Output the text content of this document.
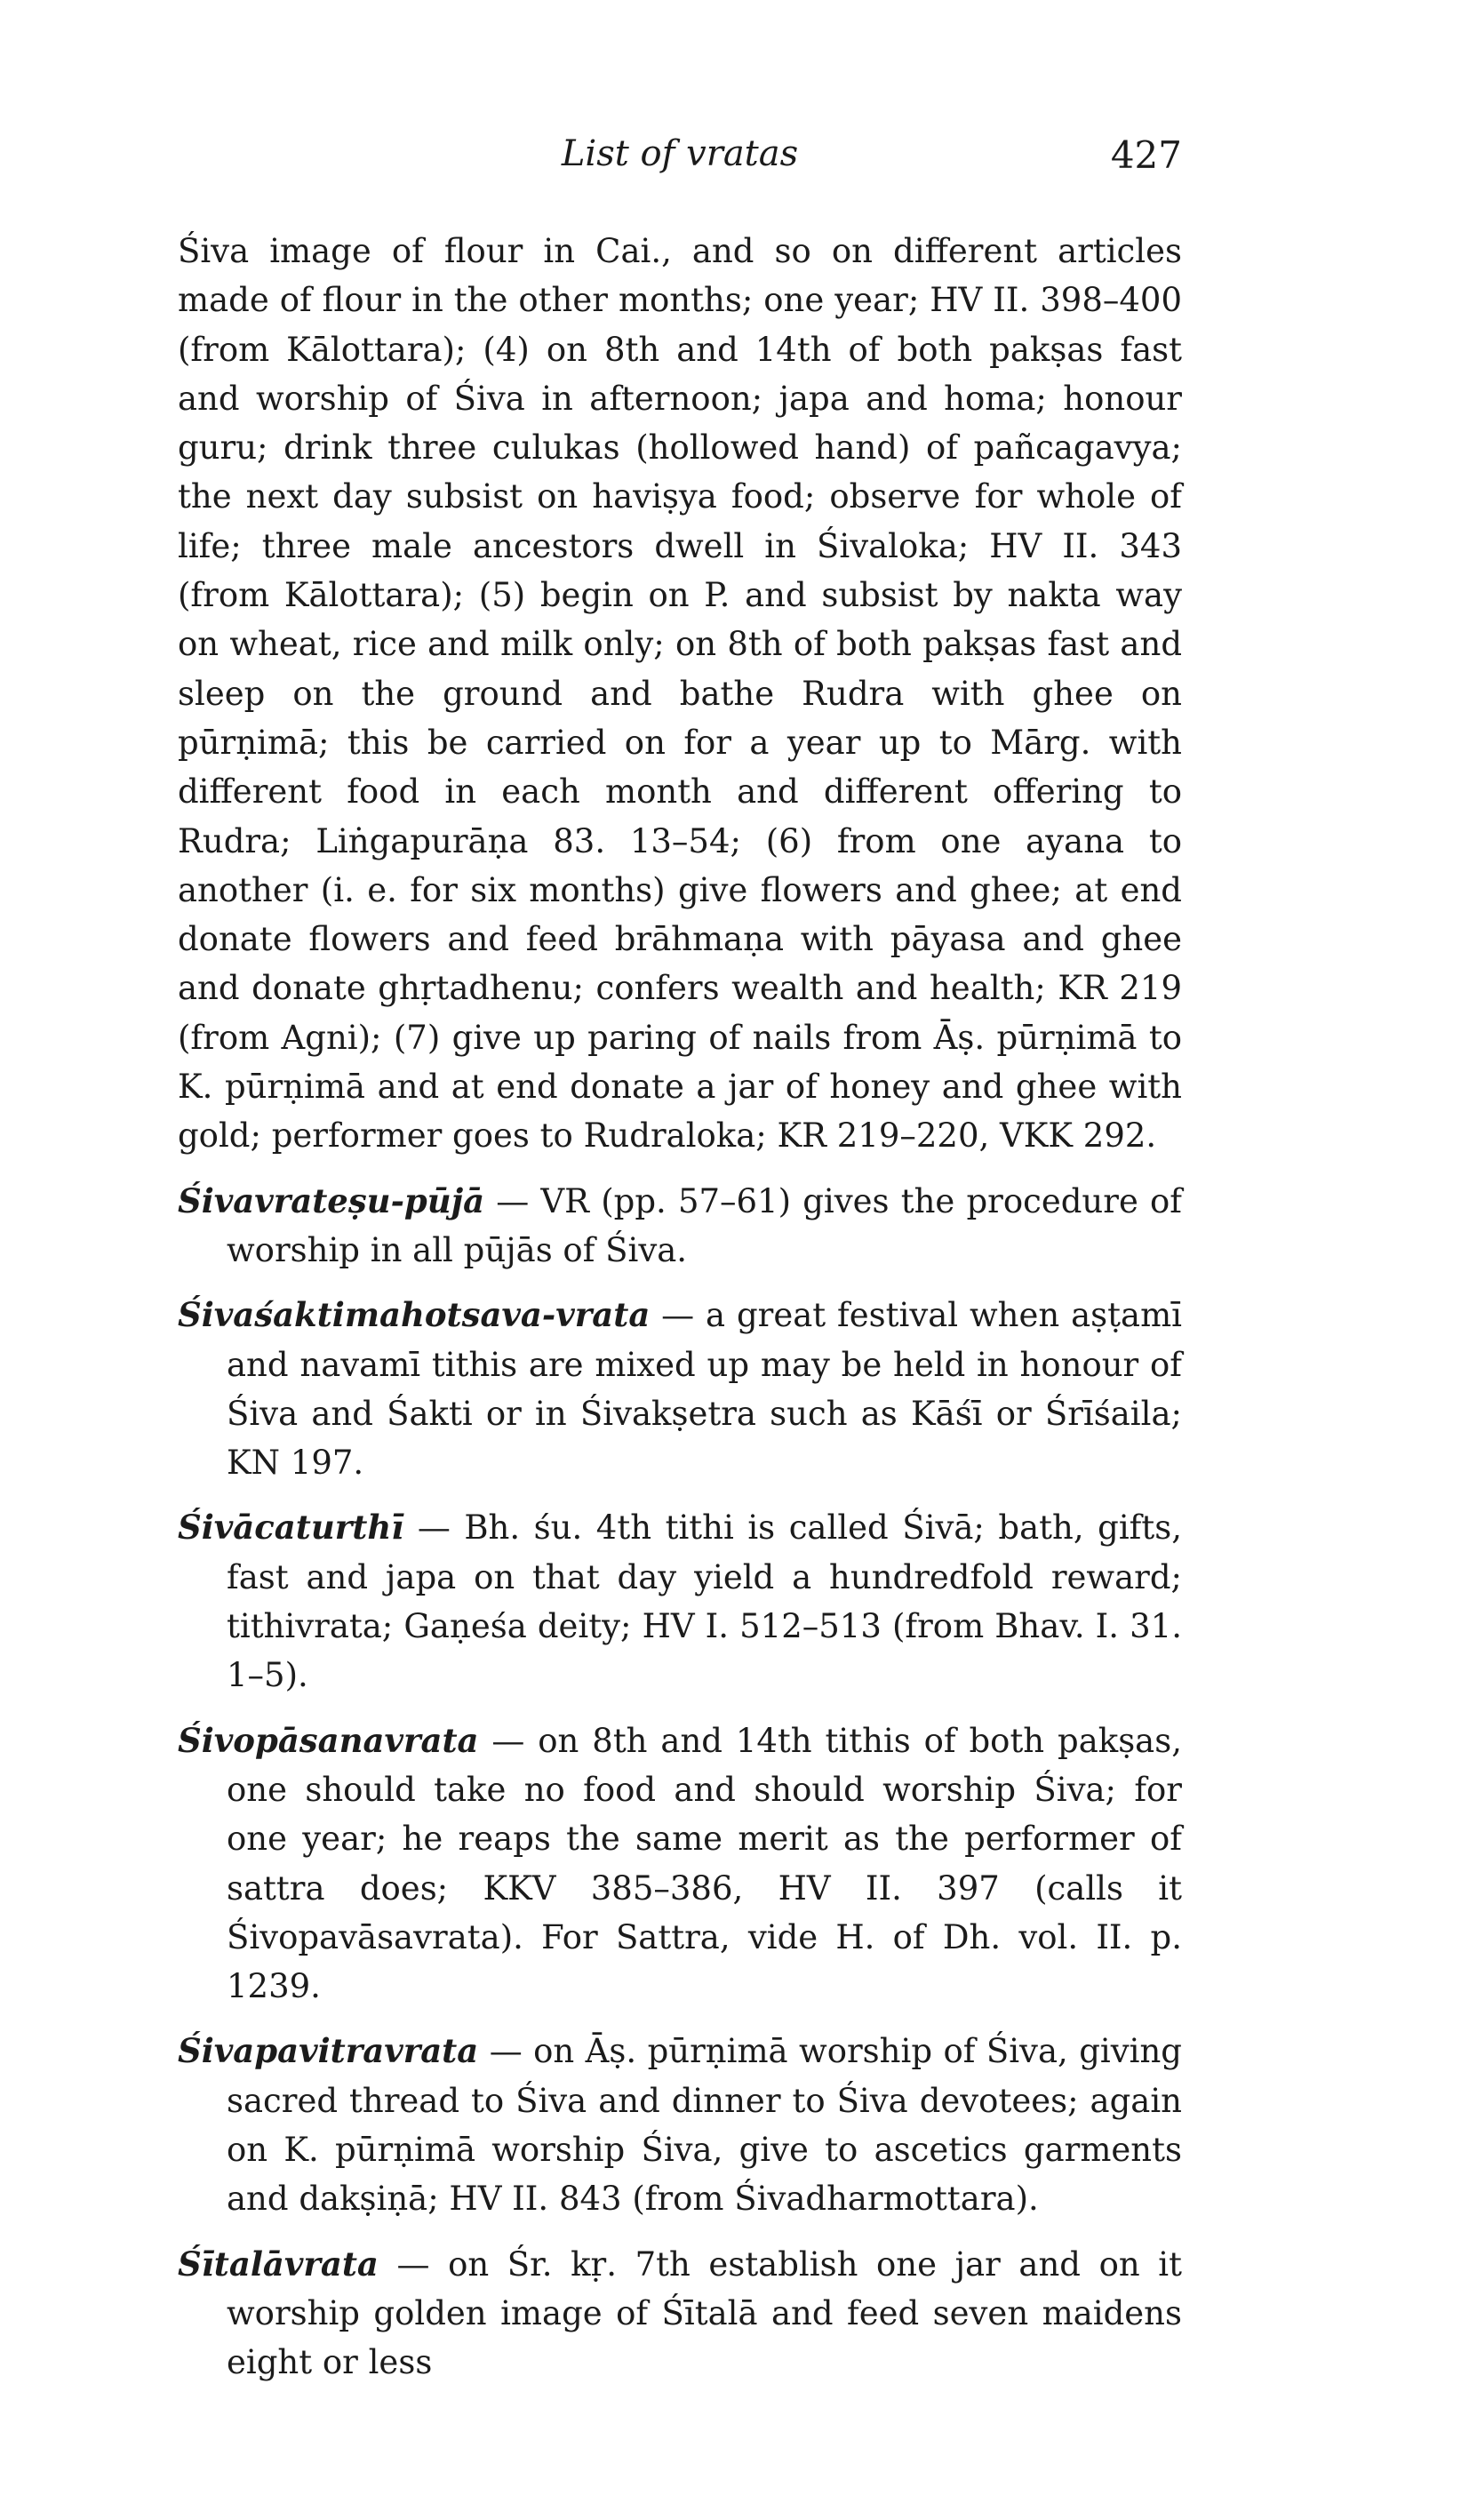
List of vratas	427

Śiva image of flour in Cai., and so on different articles made of flour in the other months; one year; HV II. 398–400 (from Kālottara); (4) on 8th and 14th of both pakṣas fast and worship of Śiva in afternoon; japa and homa; honour guru; drink three culukas (hollowed hand) of pañcagavya; the next day subsist on haviṣya food; observe for whole of life; three male ancestors dwell in Śivaloka; HV II. 343 (from Kālottara); (5) begin on P. and subsist by nakta way on wheat, rice and milk only; on 8th of both pakṣas fast and sleep on the ground and bathe Rudra with ghee on pūrṇimā; this be carried on for a year up to Mārg. with different food in each month and different offering to Rudra; Liṅgapurāṇa 83. 13–54; (6) from one ayana to another (i. e. for six months) give flowers and ghee; at end donate flowers and feed brāhmaṇa with pāyasa and ghee and donate ghṛtadhenu; confers wealth and health; KR 219 (from Agni); (7) give up paring of nails from Āṣ. pūrṇimā to K. pūrṇimā and at end donate a jar of honey and ghee with gold; performer goes to Rudraloka; KR 219–220, VKK 292.

Śivavrateṣu-pūjā — VR (pp. 57–61) gives the procedure of worship in all pūjās of Śiva.

Śivaśaktimahotsava-vrata — a great festival when aṣṭamī and navamī tithis are mixed up may be held in honour of Śiva and Śakti or in Śivakṣetra such as Kāśī or Śrīśaila; KN 197.

Śivācaturthī — Bh. śu. 4th tithi is called Śivā; bath, gifts, fast and japa on that day yield a hundredfold reward; tithivrata; Gaṇeśa deity; HV I. 512–513 (from Bhav. I. 31. 1–5).

Śivopāsanavrata — on 8th and 14th tithis of both pakṣas, one should take no food and should worship Śiva; for one year; he reaps the same merit as the performer of sattra does; KKV 385–386, HV II. 397 (calls it Śivopavāsavrata). For Sattra, vide H. of Dh. vol. II. p. 1239.

Śivapavitravrata — on Āṣ. pūrṇimā worship of Śiva, giving sacred thread to Śiva and dinner to Śiva devotees; again on K. pūrṇimā worship Śiva, give to ascetics garments and dakṣiṇā; HV II. 843 (from Śivadharmottara).

Śītalāvrata — on Śr. kṛ. 7th establish one jar and on it worship golden image of Śītalā and feed seven maidens eight or less
